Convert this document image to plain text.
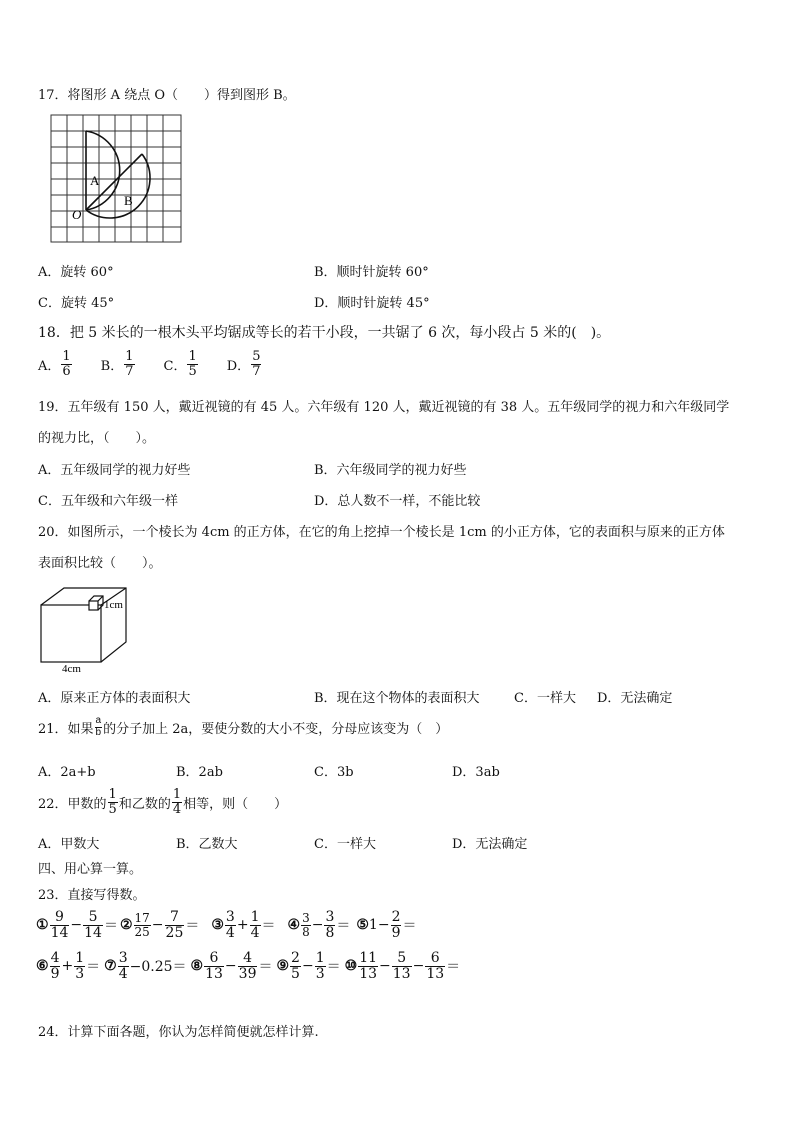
17．将图形 A 绕点 O（　　）得到图形 B。
A
B
O
A．旋转 60°	B．顺时针旋转 60°
C．旋转 45°	D．顺时针旋转 45°
18．把 5 米长的一根木头平均锯成等长的若干小段，一共锯了 6 次，每小段占 5 米的(　)。
A． $\frac{1}{6}$ B． $\frac{1}{7}$ C． $\frac{1}{5}$ D． $\frac{5}{7}$
19．五年级有 150 人，戴近视镜的有 45 人。六年级有 120 人，戴近视镜的有 38 人。五年级同学的视力和六年级同学
的视力比，（　　）。
A．五年级同学的视力好些	B．六年级同学的视力好些
C．五年级和六年级一样	D．总人数不一样，不能比较
20．如图所示，一个棱长为 4cm 的正方体，在它的角上挖掉一个棱长是 1cm 的小正方体，它的表面积与原来的正方体
表面积比较（　　）。
1cm
4cm
A．原来正方体的表面积大	B．现在这个物体的表面积大	C．一样大 D．无法确定
21．如果 $\frac{a}{b}$ 的分子加上 2a，要使分数的大小不变，分母应该变为（　）
A．2a+b	B．2ab	C．3b	D．3ab
22．甲数的 $\frac{1}{5}$ 和乙数的 $\frac{1}{4}$ 相等，则（　　）
A．甲数大	B．乙数大	C．一样大	D．无法确定
四、用心算一算。
23．直接写得数。
① $\frac{9}{14} - \frac{5}{14}$ ＝ ② $\frac{17}{25} - \frac{7}{25}$ ＝ ③ $\frac{3}{4} + \frac{1}{4}$ ＝ ④ $\frac{3}{8} - \frac{3}{8}$ ＝ ⑤ $1- \frac{2}{9}$ ＝
⑥ $\frac{4}{9} + \frac{1}{3}$ ＝ ⑦ $\frac{3}{4} -0.25=$ ⑧ $\frac{6}{13} - \frac{4}{39}$ ＝ ⑨ $\frac{2}{5} - \frac{1}{3}$ ＝ ⑩ $\frac{11}{13} - \frac{5}{13} - \frac{6}{13}$ ＝
24．计算下面各题，你认为怎样简便就怎样计算.
